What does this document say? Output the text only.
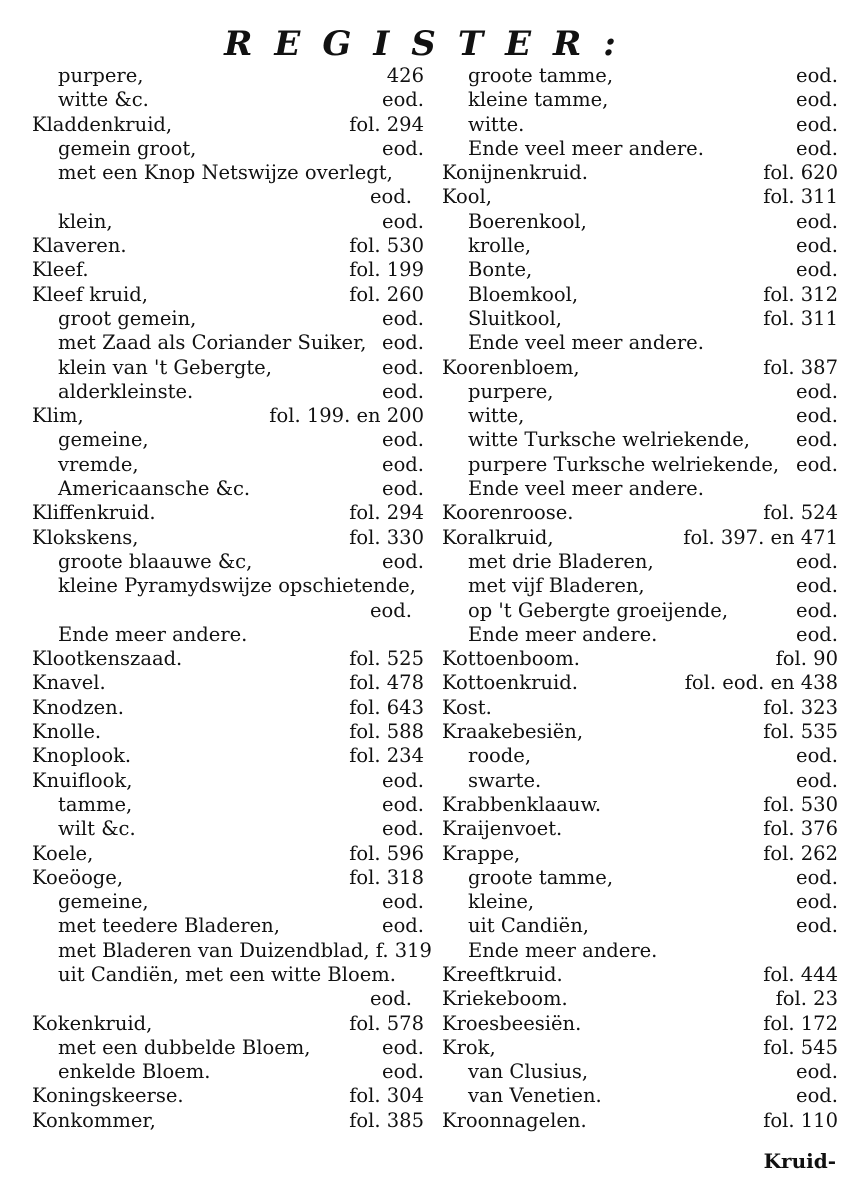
REGISTER:
purpere,	426
witte &c.	eod.
Kladdenkruid,	fol. 294
gemein groot,	eod.
met een Knop Netswijze overlegt,
eod.
klein,	eod.
Klaveren.	fol. 530
Kleef.	fol. 199
Kleef kruid,	fol. 260
groot gemein,	eod.
met Zaad als Coriander Suiker, eod.
klein van 't Gebergte,	eod.
alderkleinste.	eod.
Klim,	fol. 199. en 200
gemeine,	eod.
vremde,	eod.
Americaansche &c.	eod.
Kliffenkruid.	fol. 294
Klokskens,	fol. 330
groote blaauwe &c,	eod.
kleine Pyramydswijze opschietende,
eod.
Ende meer andere.
Klootkenszaad.	fol. 525
Knavel.	fol. 478
Knodzen.	fol. 643
Knolle.	fol. 588
Knoplook.	fol. 234
Knuiflook,	eod.
tamme,	eod.
wilt &c.	eod.
Koele,	fol. 596
Koeöoge,	fol. 318
gemeine,	eod.
met teedere Bladeren,	eod.
met Bladeren van Duizendblad, f. 319
uit Candiën, met een witte Bloem.
eod.
Kokenkruid,	fol. 578
met een dubbelde Bloem,	eod.
enkelde Bloem.	eod.
Koningskeerse.	fol. 304
Konkommer,	fol. 385
groote tamme,	eod.
kleine tamme,	eod.
witte.	eod.
Ende veel meer andere.	eod.
Konijnenkruid.	fol. 620
Kool,	fol. 311
Boerenkool,	eod.
krolle,	eod.
Bonte,	eod.
Bloemkool,	fol. 312
Sluitkool,	fol. 311
Ende veel meer andere.
Koorenbloem,	fol. 387
purpere,	eod.
witte,	eod.
witte Turksche welriekende, eod.
purpere Turksche welriekende, eod.
Ende veel meer andere.
Koorenroose.	fol. 524
Koralkruid,	fol. 397. en 471
met drie Bladeren,	eod.
met vijf Bladeren,	eod.
op 't Gebergte groeijende,	eod.
Ende meer andere.	eod.
Kottoenboom.	fol. 90
Kottoenkruid.	fol. eod. en 438
Kost.	fol. 323
Kraakebesiën,	fol. 535
roode,	eod.
swarte.	eod.
Krabbenklaauw.	fol. 530
Kraijenvoet.	fol. 376
Krappe,	fol. 262
groote tamme,	eod.
kleine,	eod.
uit Candiën,	eod.
Ende meer andere.
Kreeftkruid.	fol. 444
Kriekeboom.	fol. 23
Kroesbeesiën.	fol. 172
Krok,	fol. 545
van Clusius,	eod.
van Venetien.	eod.
Kroonnagelen.	fol. 110
Kruid-
